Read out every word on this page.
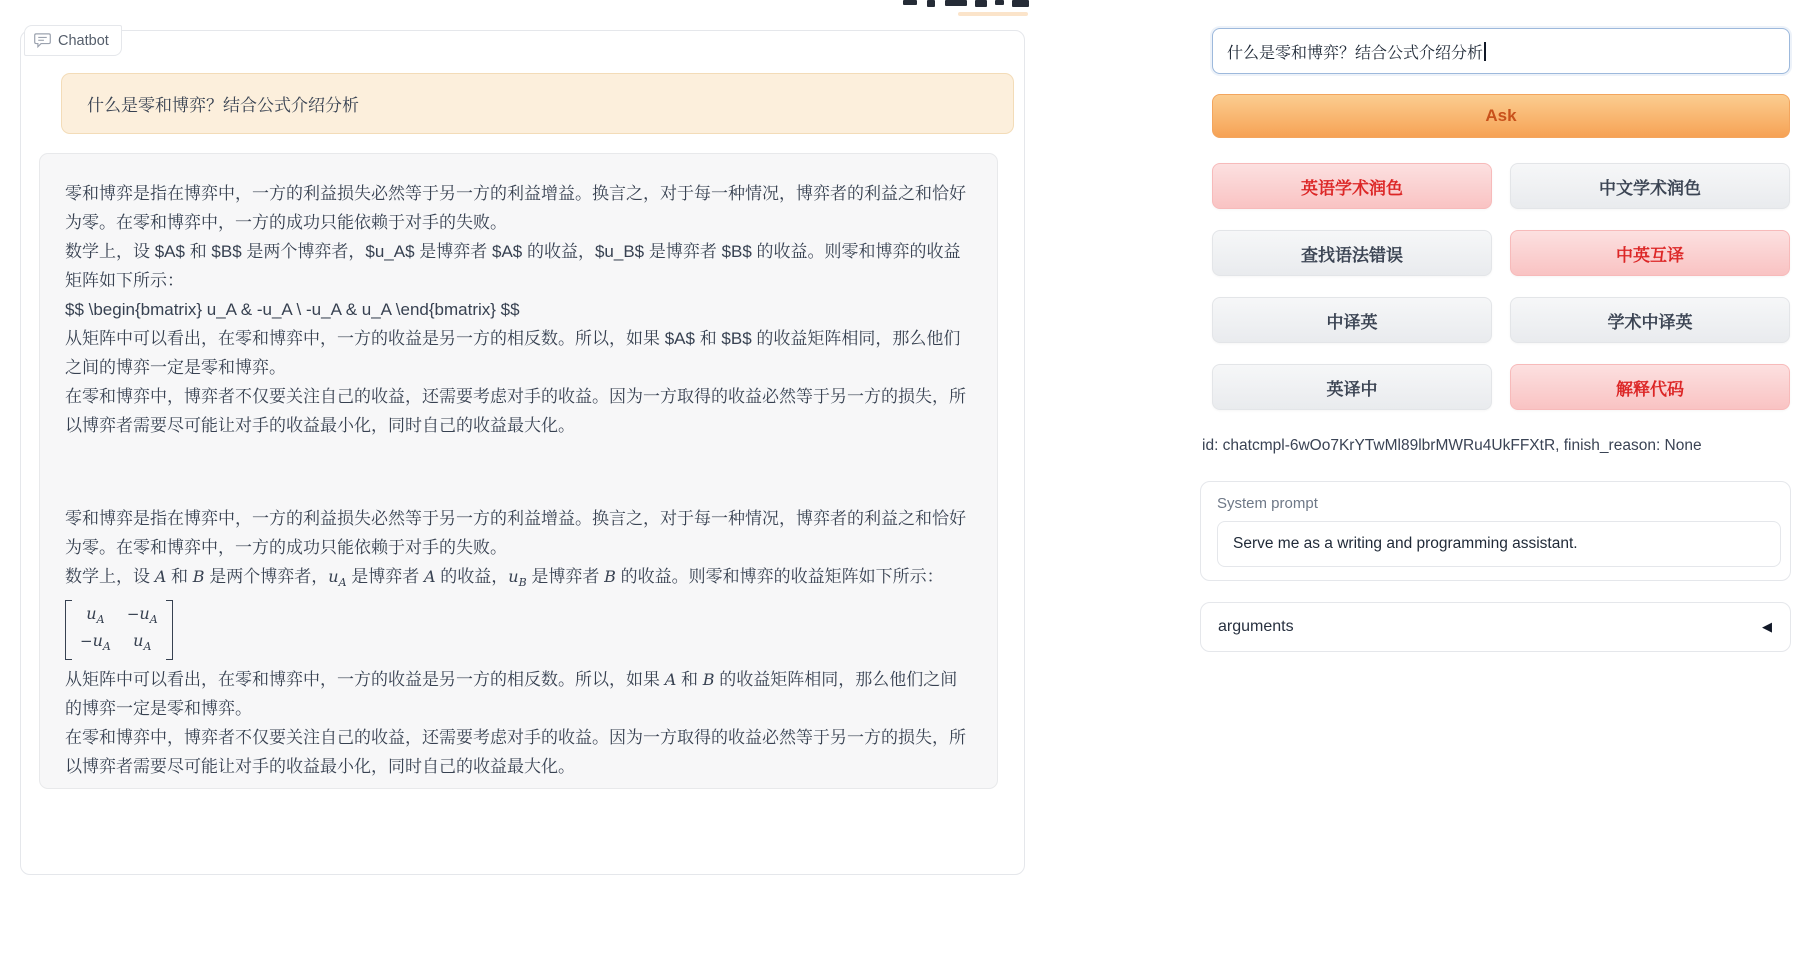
Chatbot

什么是零和博弈？结合公式介绍分析

零和博弈是指在博弈中，一方的利益损失必然等于另一方的利益增益。换言之，对于每一种情况，博弈者的利益之和恰好为零。在零和博弈中，一方的成功只能依赖于对手的失败。

数学上，设 $A$ 和 $B$ 是两个博弈者，$u_A$ 是博弈者 $A$ 的收益，$u_B$ 是博弈者 $B$ 的收益。则零和博弈的收益矩阵如下所示：

$$ \begin{bmatrix} u_A & -u_A \ -u_A & u_A \end{bmatrix} $$

从矩阵中可以看出，在零和博弈中，一方的收益是另一方的相反数。所以，如果 $A$ 和 $B$ 的收益矩阵相同，那么他们之间的博弈一定是零和博弈。

在零和博弈中，博弈者不仅要关注自己的收益，还需要考虑对手的收益。因为一方取得的收益必然等于另一方的损失，所以博弈者需要尽可能让对手的收益最小化，同时自己的收益最大化。

零和博弈是指在博弈中，一方的利益损失必然等于另一方的利益增益。换言之，对于每一种情况，博弈者的利益之和恰好为零。在零和博弈中，一方的成功只能依赖于对手的失败。

数学上，设 A 和 B 是两个博弈者，$u_A$ 是博弈者 A 的收益，$u_B$ 是博弈者 B 的收益。则零和博弈的收益矩阵如下所示：

$u_A$	$-u_A$
$-u_A$	$u_A$

从矩阵中可以看出，在零和博弈中，一方的收益是另一方的相反数。所以，如果 A 和 B 的收益矩阵相同，那么他们之间的博弈一定是零和博弈。

在零和博弈中，博弈者不仅要关注自己的收益，还需要考虑对手的收益。因为一方取得的收益必然等于另一方的损失，所以博弈者需要尽可能让对手的收益最小化，同时自己的收益最大化。

什么是零和博弈？结合公式介绍分析
Ask
英语学术润色	中文学术润色
查找语法错误	中英互译
中译英	学术中译英
英译中	解释代码
id: chatcmpl-6wOo7KrYTwMl89lbrMWRu4UkFFXtR, finish_reason: None
System prompt
Serve me as a writing and programming assistant.
arguments	◀
